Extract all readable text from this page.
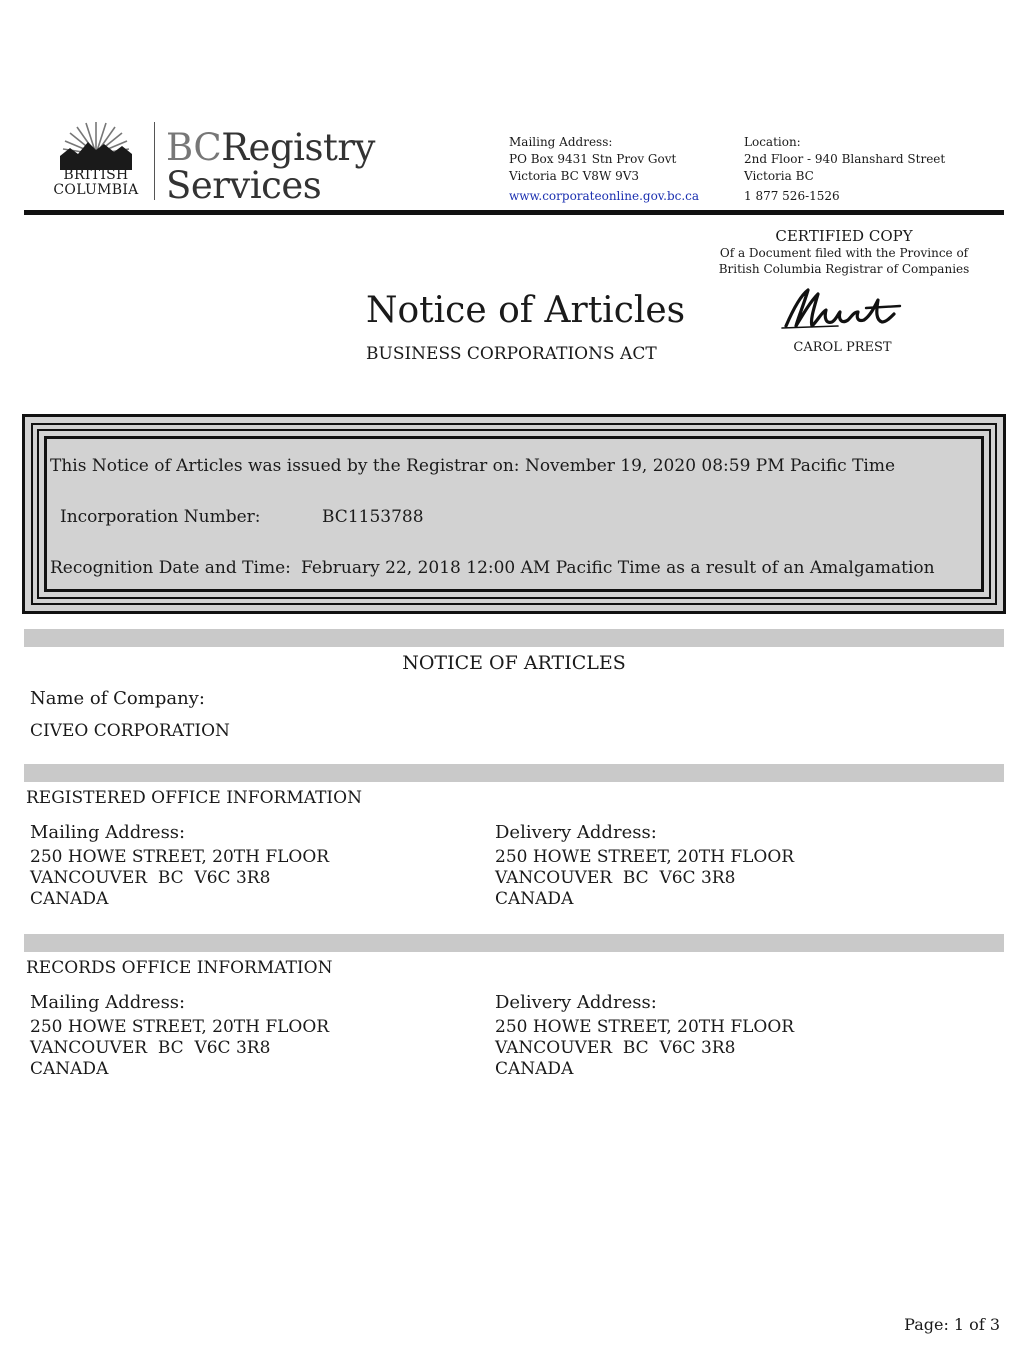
BRITISH
COLUMBIA
BCRegistry
Services
Mailing Address:
PO Box 9431 Stn Prov Govt
Victoria BC V8W 9V3
www.corporateonline.gov.bc.ca
Location:
2nd Floor - 940 Blanshard Street
Victoria BC
1 877 526-1526
CERTIFIED COPY
Of a Document filed with the Province of
British Columbia Registrar of Companies
CAROL PREST
Notice of Articles
BUSINESS CORPORATIONS ACT
This Notice of Articles was issued by the Registrar on: November 19, 2020 08:59 PM Pacific Time
Incorporation Number:	BC1153788
Recognition Date and Time: February 22, 2018 12:00 AM Pacific Time as a result of an Amalgamation
NOTICE OF ARTICLES
Name of Company:
CIVEO CORPORATION
REGISTERED OFFICE INFORMATION
Mailing Address:
250 HOWE STREET, 20TH FLOOR
VANCOUVER  BC  V6C 3R8
CANADA
Delivery Address:
250 HOWE STREET, 20TH FLOOR
VANCOUVER  BC  V6C 3R8
CANADA
RECORDS OFFICE INFORMATION
Mailing Address:
250 HOWE STREET, 20TH FLOOR
VANCOUVER  BC  V6C 3R8
CANADA
Delivery Address:
250 HOWE STREET, 20TH FLOOR
VANCOUVER  BC  V6C 3R8
CANADA
Page: 1 of 3
